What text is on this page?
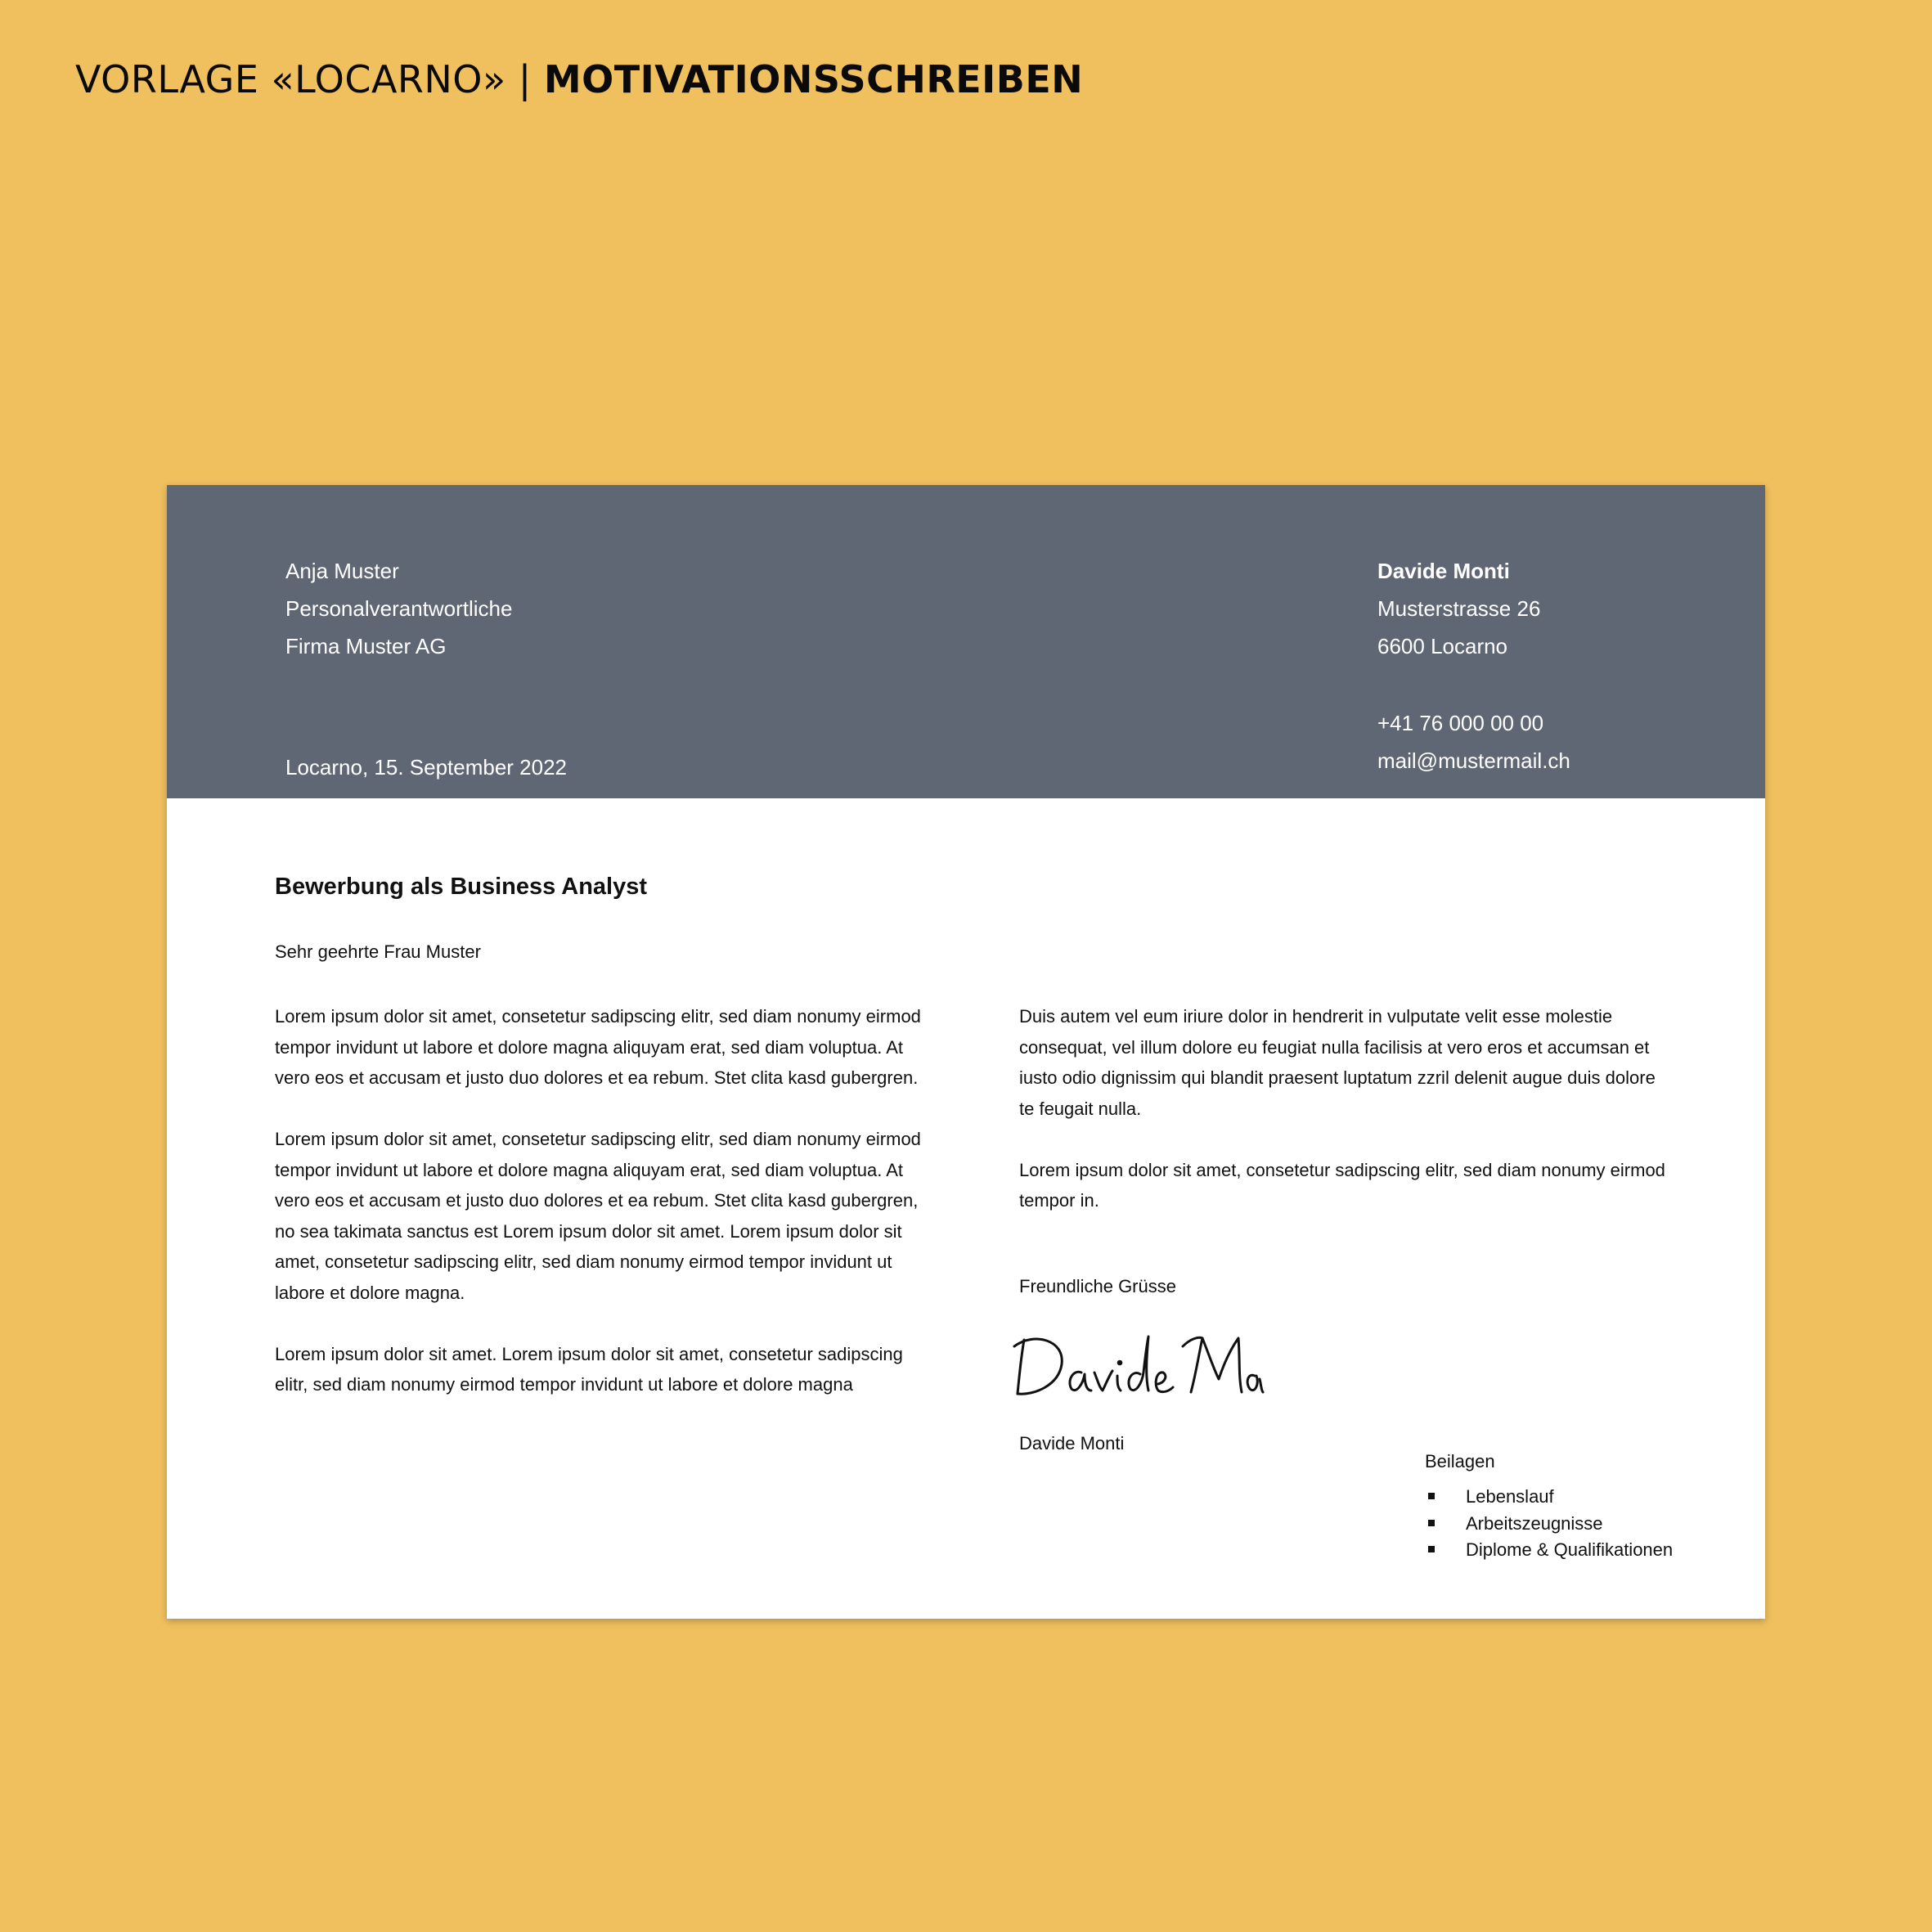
VORLAGE «LOCARNO» | MOTIVATIONSSCHREIBEN
Anja Muster
Personalverantwortliche
Firma Muster AG
Locarno, 15. September 2022
Davide Monti
Musterstrasse 26
6600 Locarno
+41 76 000 00 00
mail@mustermail.ch
Bewerbung als Business Analyst
Sehr geehrte Frau Muster

Lorem ipsum dolor sit amet, consetetur sadipscing elitr, sed diam nonumy eirmod tempor invidunt ut labore et dolore magna aliquyam erat, sed diam voluptua. At vero eos et accusam et justo duo dolores et ea rebum. Stet clita kasd gubergren.

Lorem ipsum dolor sit amet, consetetur sadipscing elitr, sed diam nonumy eirmod tempor invidunt ut labore et dolore magna aliquyam erat, sed diam voluptua. At vero eos et accusam et justo duo dolores et ea rebum. Stet clita kasd gubergren, no sea takimata sanctus est Lorem ipsum dolor sit amet. Lorem ipsum dolor sit amet, consetetur sadipscing elitr, sed diam nonumy eirmod tempor invidunt ut labore et dolore magna.

Lorem ipsum dolor sit amet. Lorem ipsum dolor sit amet, consetetur sadipscing elitr, sed diam nonumy eirmod tempor invidunt ut labore et dolore magna

Duis autem vel eum iriure dolor in hendrerit in vulputate velit esse molestie consequat, vel illum dolore eu feugiat nulla facilisis at vero eros et accumsan et iusto odio dignissim qui blandit praesent luptatum zzril delenit augue duis dolore te feugait nulla.

Lorem ipsum dolor sit amet, consetetur sadipscing elitr, sed diam nonumy eirmod tempor in.

Freundliche Grüsse
Davide Monti
Beilagen
Lebenslauf
Arbeitszeugnisse
Diplome & Qualifikationen
